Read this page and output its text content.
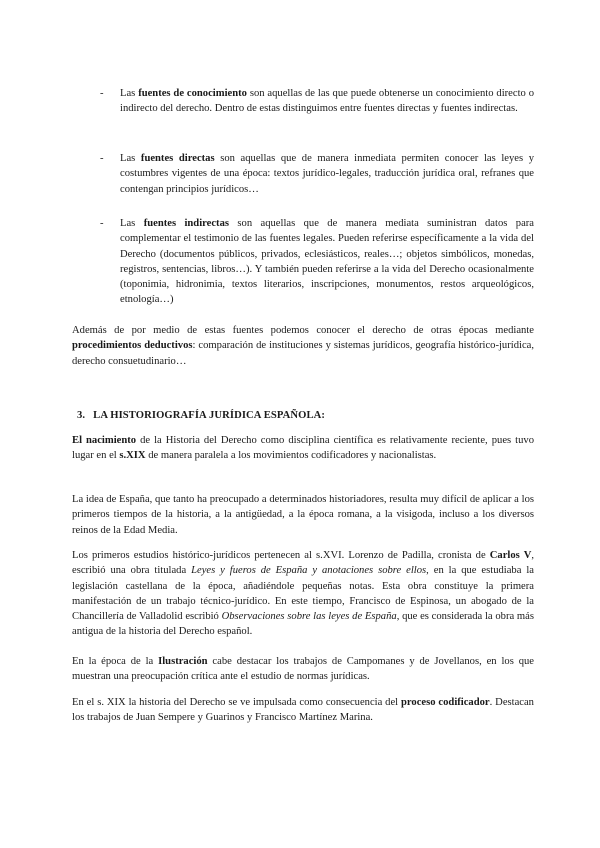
- Las fuentes de conocimiento son aquellas de las que puede obtenerse un conocimiento directo o indirecto del derecho. Dentro de estas distinguimos entre fuentes directas y fuentes indirectas.
- Las fuentes directas son aquellas que de manera inmediata permiten conocer las leyes y costumbres vigentes de una época: textos jurídico-legales, traducción jurídica oral, refranes que contengan principios jurídicos…
- Las fuentes indirectas son aquellas que de manera mediata suministran datos para complementar el testimonio de las fuentes legales. Pueden referirse específicamente a la vida del Derecho (documentos públicos, privados, eclesiásticos, reales…; objetos simbólicos, monedas, registros, sentencias, libros…). Y también pueden referirse a la vida del Derecho ocasionalmente (toponimia, hidronimia, textos literarios, inscripciones, monumentos, restos arqueológicos, etnología…)
Además de por medio de estas fuentes podemos conocer el derecho de otras épocas mediante procedimientos deductivos: comparación de instituciones y sistemas jurídicos, geografía histórico-jurídica, derecho consuetudinario…
3. LA HISTORIOGRAFÍA JURÍDICA ESPAÑOLA:
El nacimiento de la Historia del Derecho como disciplina científica es relativamente reciente, pues tuvo lugar en el s.XIX de manera paralela a los movimientos codificadores y nacionalistas.
La idea de España, que tanto ha preocupado a determinados historiadores, resulta muy difícil de aplicar a los primeros tiempos de la historia, a la antigüedad, a la época romana, a la visigoda, incluso a los diversos reinos de la Edad Media.
Los primeros estudios histórico-jurídicos pertenecen al s.XVI. Lorenzo de Padilla, cronista de Carlos V, escribió una obra titulada Leyes y fueros de España y anotaciones sobre ellos, en la que estudiaba la legislación castellana de la época, añadiéndole pequeñas notas. Esta obra constituye la primera manifestación de un trabajo técnico-jurídico. En este tiempo, Francisco de Espinosa, un abogado de la Chancillería de Valladolid escribió Observaciones sobre las leyes de España, que es considerada la obra más antigua de la historia del Derecho español.
En la época de la Ilustración cabe destacar los trabajos de Campomanes y de Jovellanos, en los que muestran una preocupación crítica ante el estudio de normas jurídicas.
En el s. XIX la historia del Derecho se ve impulsada como consecuencia del proceso codificador. Destacan los trabajos de Juan Sempere y Guarinos y Francisco Martínez Marina.
